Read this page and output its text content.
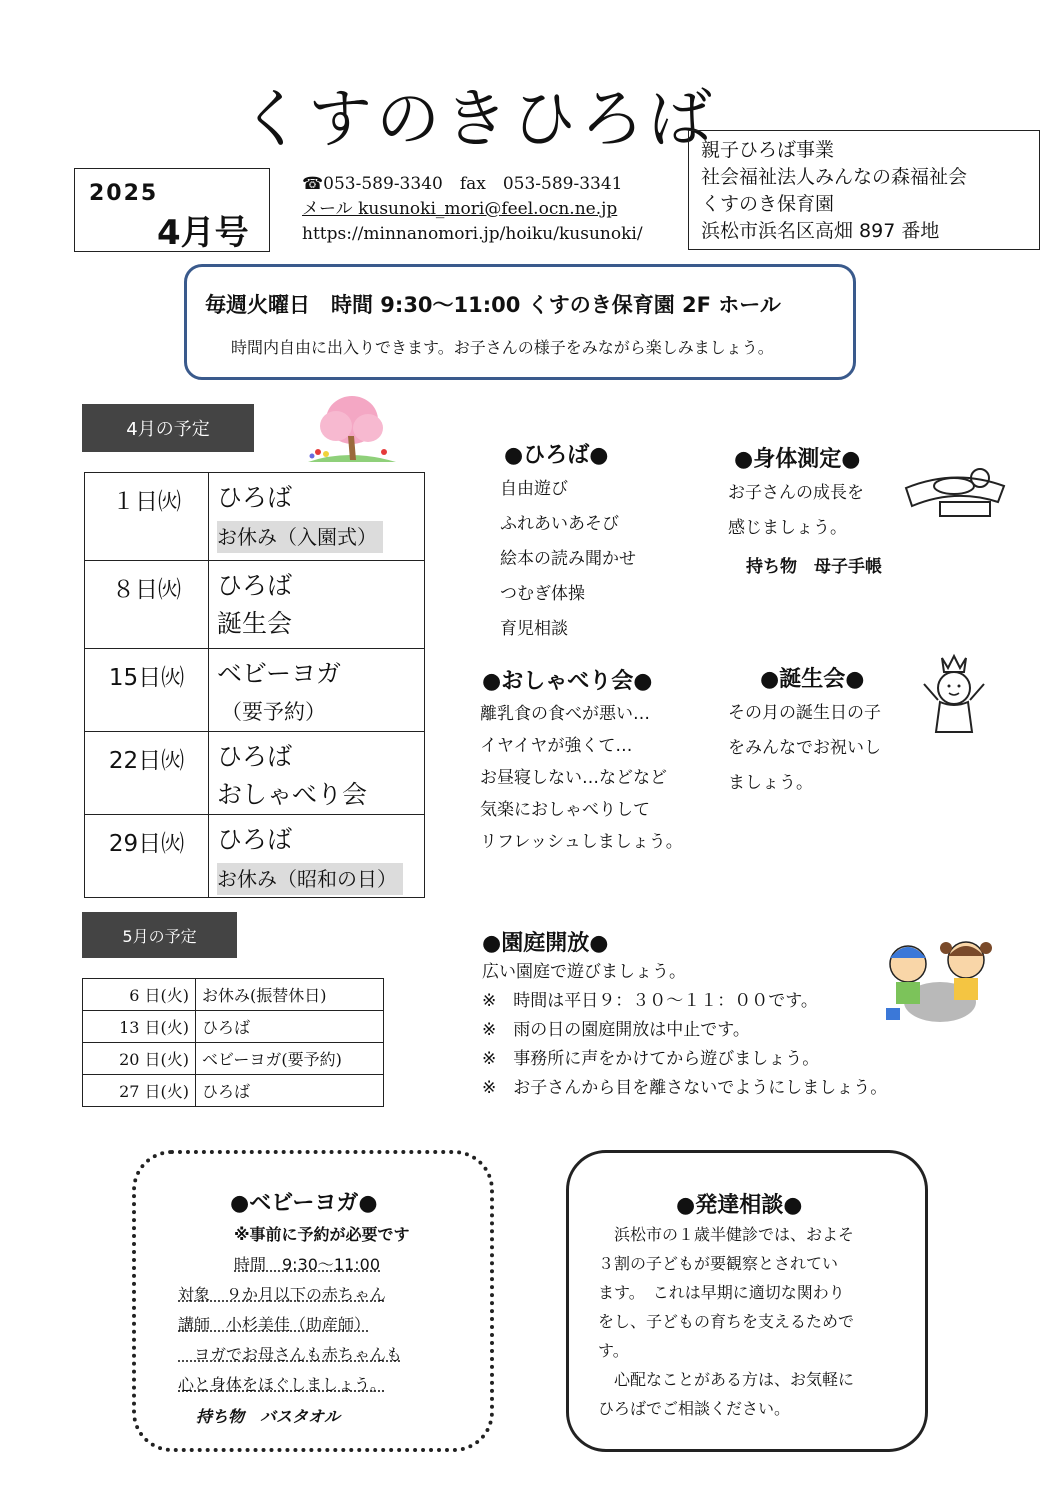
くすのきひろば
2025
4月号
☎053-589-3340　fax　053-589-3341
メール kusunoki_mori@feel.ocn.ne.jp
https://minnanomori.jp/hoiku/kusunoki/
親子ひろば事業
社会福祉法人みんなの森福祉会
くすのき保育園
浜松市浜名区高畑 897 番地
毎週火曜日　時間 9:30～11:00 くすのき保育園 2F ホール
時間内自由に出入りできます。お子さんの様子をみながら楽しみましょう。
4月の予定
１日㈫	ひろば
お休み（入園式）
８日㈫	ひろば
誕生会

15日㈫	ベビーヨガ
（要予約）

22日㈫	ひろば
おしゃべり会

29日㈫	ひろば
お休み（昭和の日）
5月の予定
6 日(火)	お休み(振替休日)
13 日(火)	ひろば
20 日(火)	ベビーヨガ(要予約)
27 日(火)	ひろば
●ひろば●
自由遊び
ふれあいあそび
絵本の読み聞かせ
つむぎ体操
育児相談
●身体測定●
お子さんの成長を
感じましょう。
持ち物　母子手帳
●おしゃべり会●
離乳食の食べが悪い…
イヤイヤが強くて…
お昼寝しない…などなど
気楽におしゃべりして
リフレッシュしましょう。
●誕生会●
その月の誕生日の子
をみんなでお祝いし
ましょう。
●園庭開放●
広い園庭で遊びましょう。
※　時間は平日９：３０～１１：００です。
※　雨の日の園庭開放は中止です。
※　事務所に声をかけてから遊びましょう。
※　お子さんから目を離さないでようにしましょう。
●ベビーヨガ●
※事前に予約が必要です
時間　9:30～11:00
対象　９か月以下の赤ちゃん
講師　小杉美佳（助産師）
　ヨガでお母さんも赤ちゃんも
心と身体をほぐしましょう。
持ち物　バスタオル
●発達相談●
　浜松市の１歳半健診では、およそ
３割の子どもが要観察とされてい
ます。　これは早期に適切な関わり
をし、子どもの育ちを支えるためで
す。
　心配なことがある方は、お気軽に
ひろばでご相談ください。
